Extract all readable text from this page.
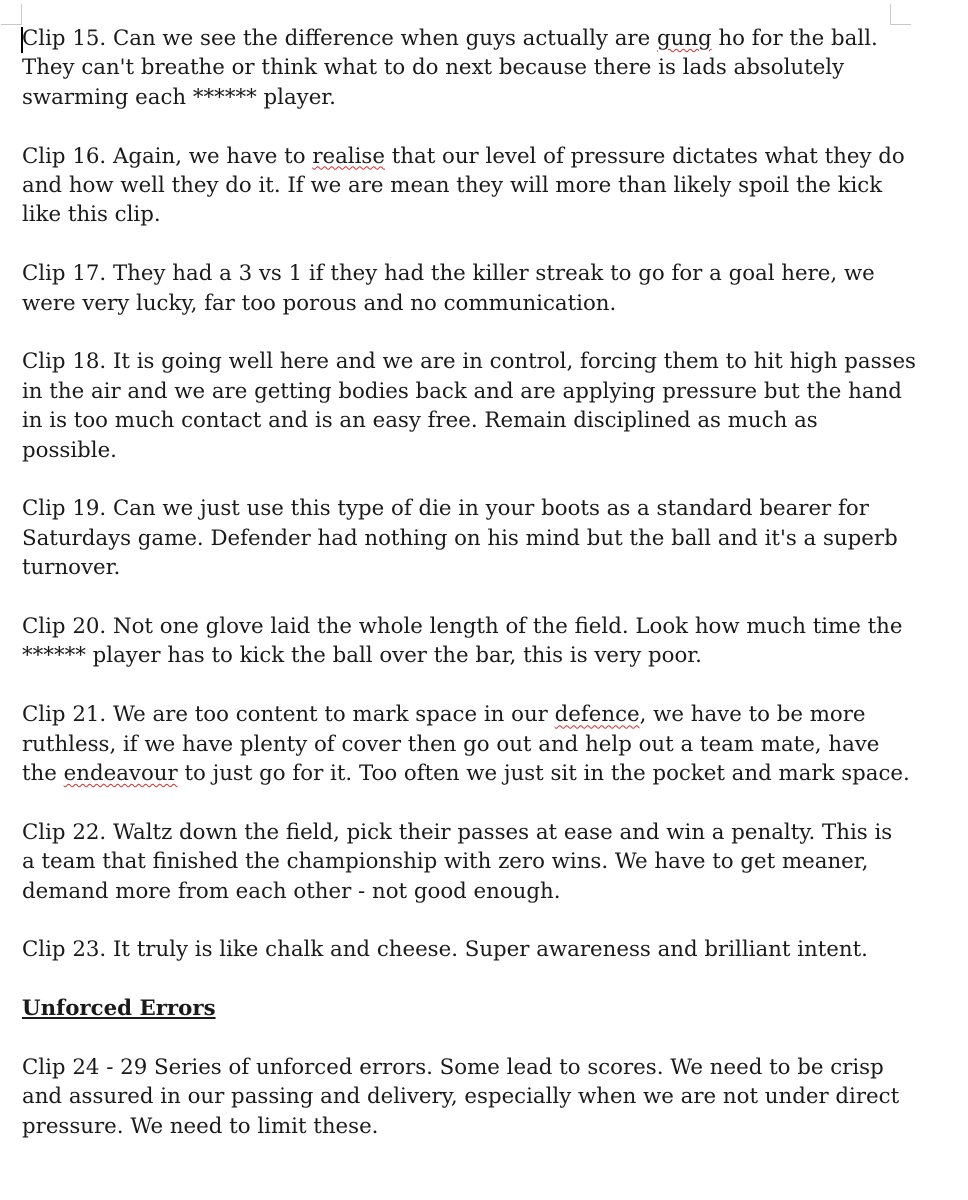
Clip 15. Can we see the difference when guys actually are gung ho for the ball.
They can't breathe or think what to do next because there is lads absolutely
swarming each ****** player.

Clip 16. Again, we have to realise that our level of pressure dictates what they do
and how well they do it. If we are mean they will more than likely spoil the kick
like this clip.

Clip 17. They had a 3 vs 1 if they had the killer streak to go for a goal here, we
were very lucky, far too porous and no communication.

Clip 18. It is going well here and we are in control, forcing them to hit high passes
in the air and we are getting bodies back and are applying pressure but the hand
in is too much contact and is an easy free. Remain disciplined as much as
possible.

Clip 19. Can we just use this type of die in your boots as a standard bearer for
Saturdays game. Defender had nothing on his mind but the ball and it's a superb
turnover.

Clip 20. Not one glove laid the whole length of the field. Look how much time the
****** player has to kick the ball over the bar, this is very poor.

Clip 21. We are too content to mark space in our defence, we have to be more
ruthless, if we have plenty of cover then go out and help out a team mate, have
the endeavour to just go for it. Too often we just sit in the pocket and mark space.

Clip 22. Waltz down the field, pick their passes at ease and win a penalty. This is
a team that finished the championship with zero wins. We have to get meaner,
demand more from each other - not good enough.

Clip 23. It truly is like chalk and cheese. Super awareness and brilliant intent.

Unforced Errors

Clip 24 - 29 Series of unforced errors. Some lead to scores. We need to be crisp
and assured in our passing and delivery, especially when we are not under direct
pressure. We need to limit these.
